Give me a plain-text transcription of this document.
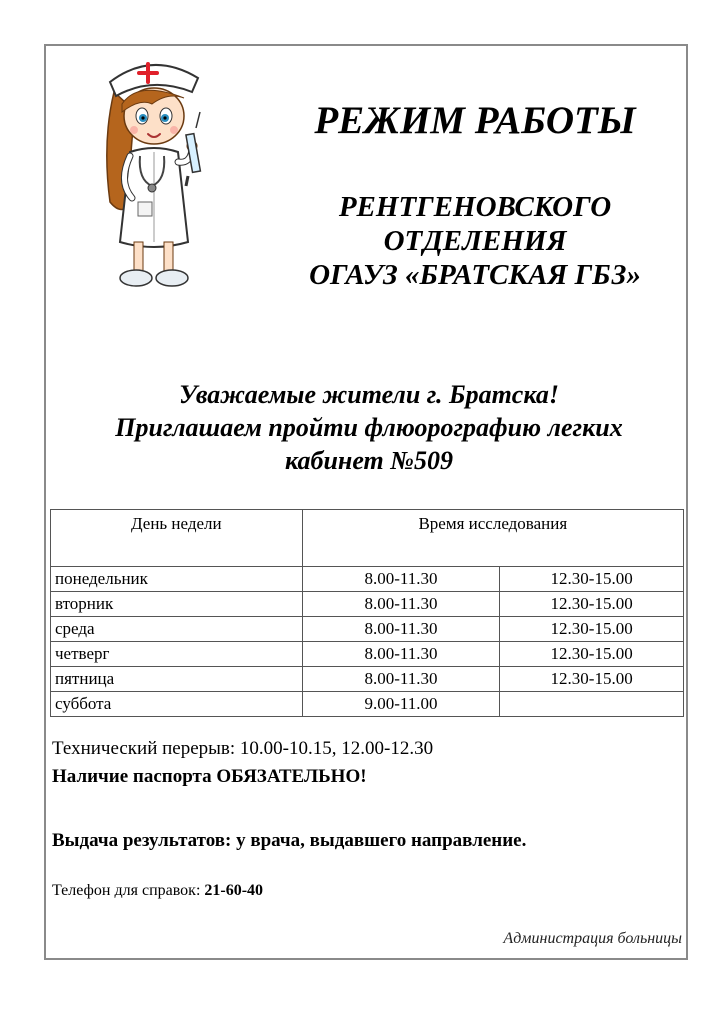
РЕЖИМ РАБОТЫ
РЕНТГЕНОВСКОГО
ОТДЕЛЕНИЯ
ОГАУЗ «БРАТСКАЯ ГБЗ»
Уважаемые жители г. Братска!
Приглашаем пройти флюорографию легких
кабинет №509
День недели	Время исследования	
понедельник	8.00-11.30	12.30-15.00
вторник	8.00-11.30	12.30-15.00
среда	8.00-11.30	12.30-15.00
четверг	8.00-11.30	12.30-15.00
пятница	8.00-11.30	12.30-15.00
суббота	9.00-11.00	
Технический перерыв: 10.00-10.15, 12.00-12.30
Наличие паспорта ОБЯЗАТЕЛЬНО!
Выдача результатов: у врача, выдавшего направление.
Телефон для справок: 21-60-40
Администрация больницы
